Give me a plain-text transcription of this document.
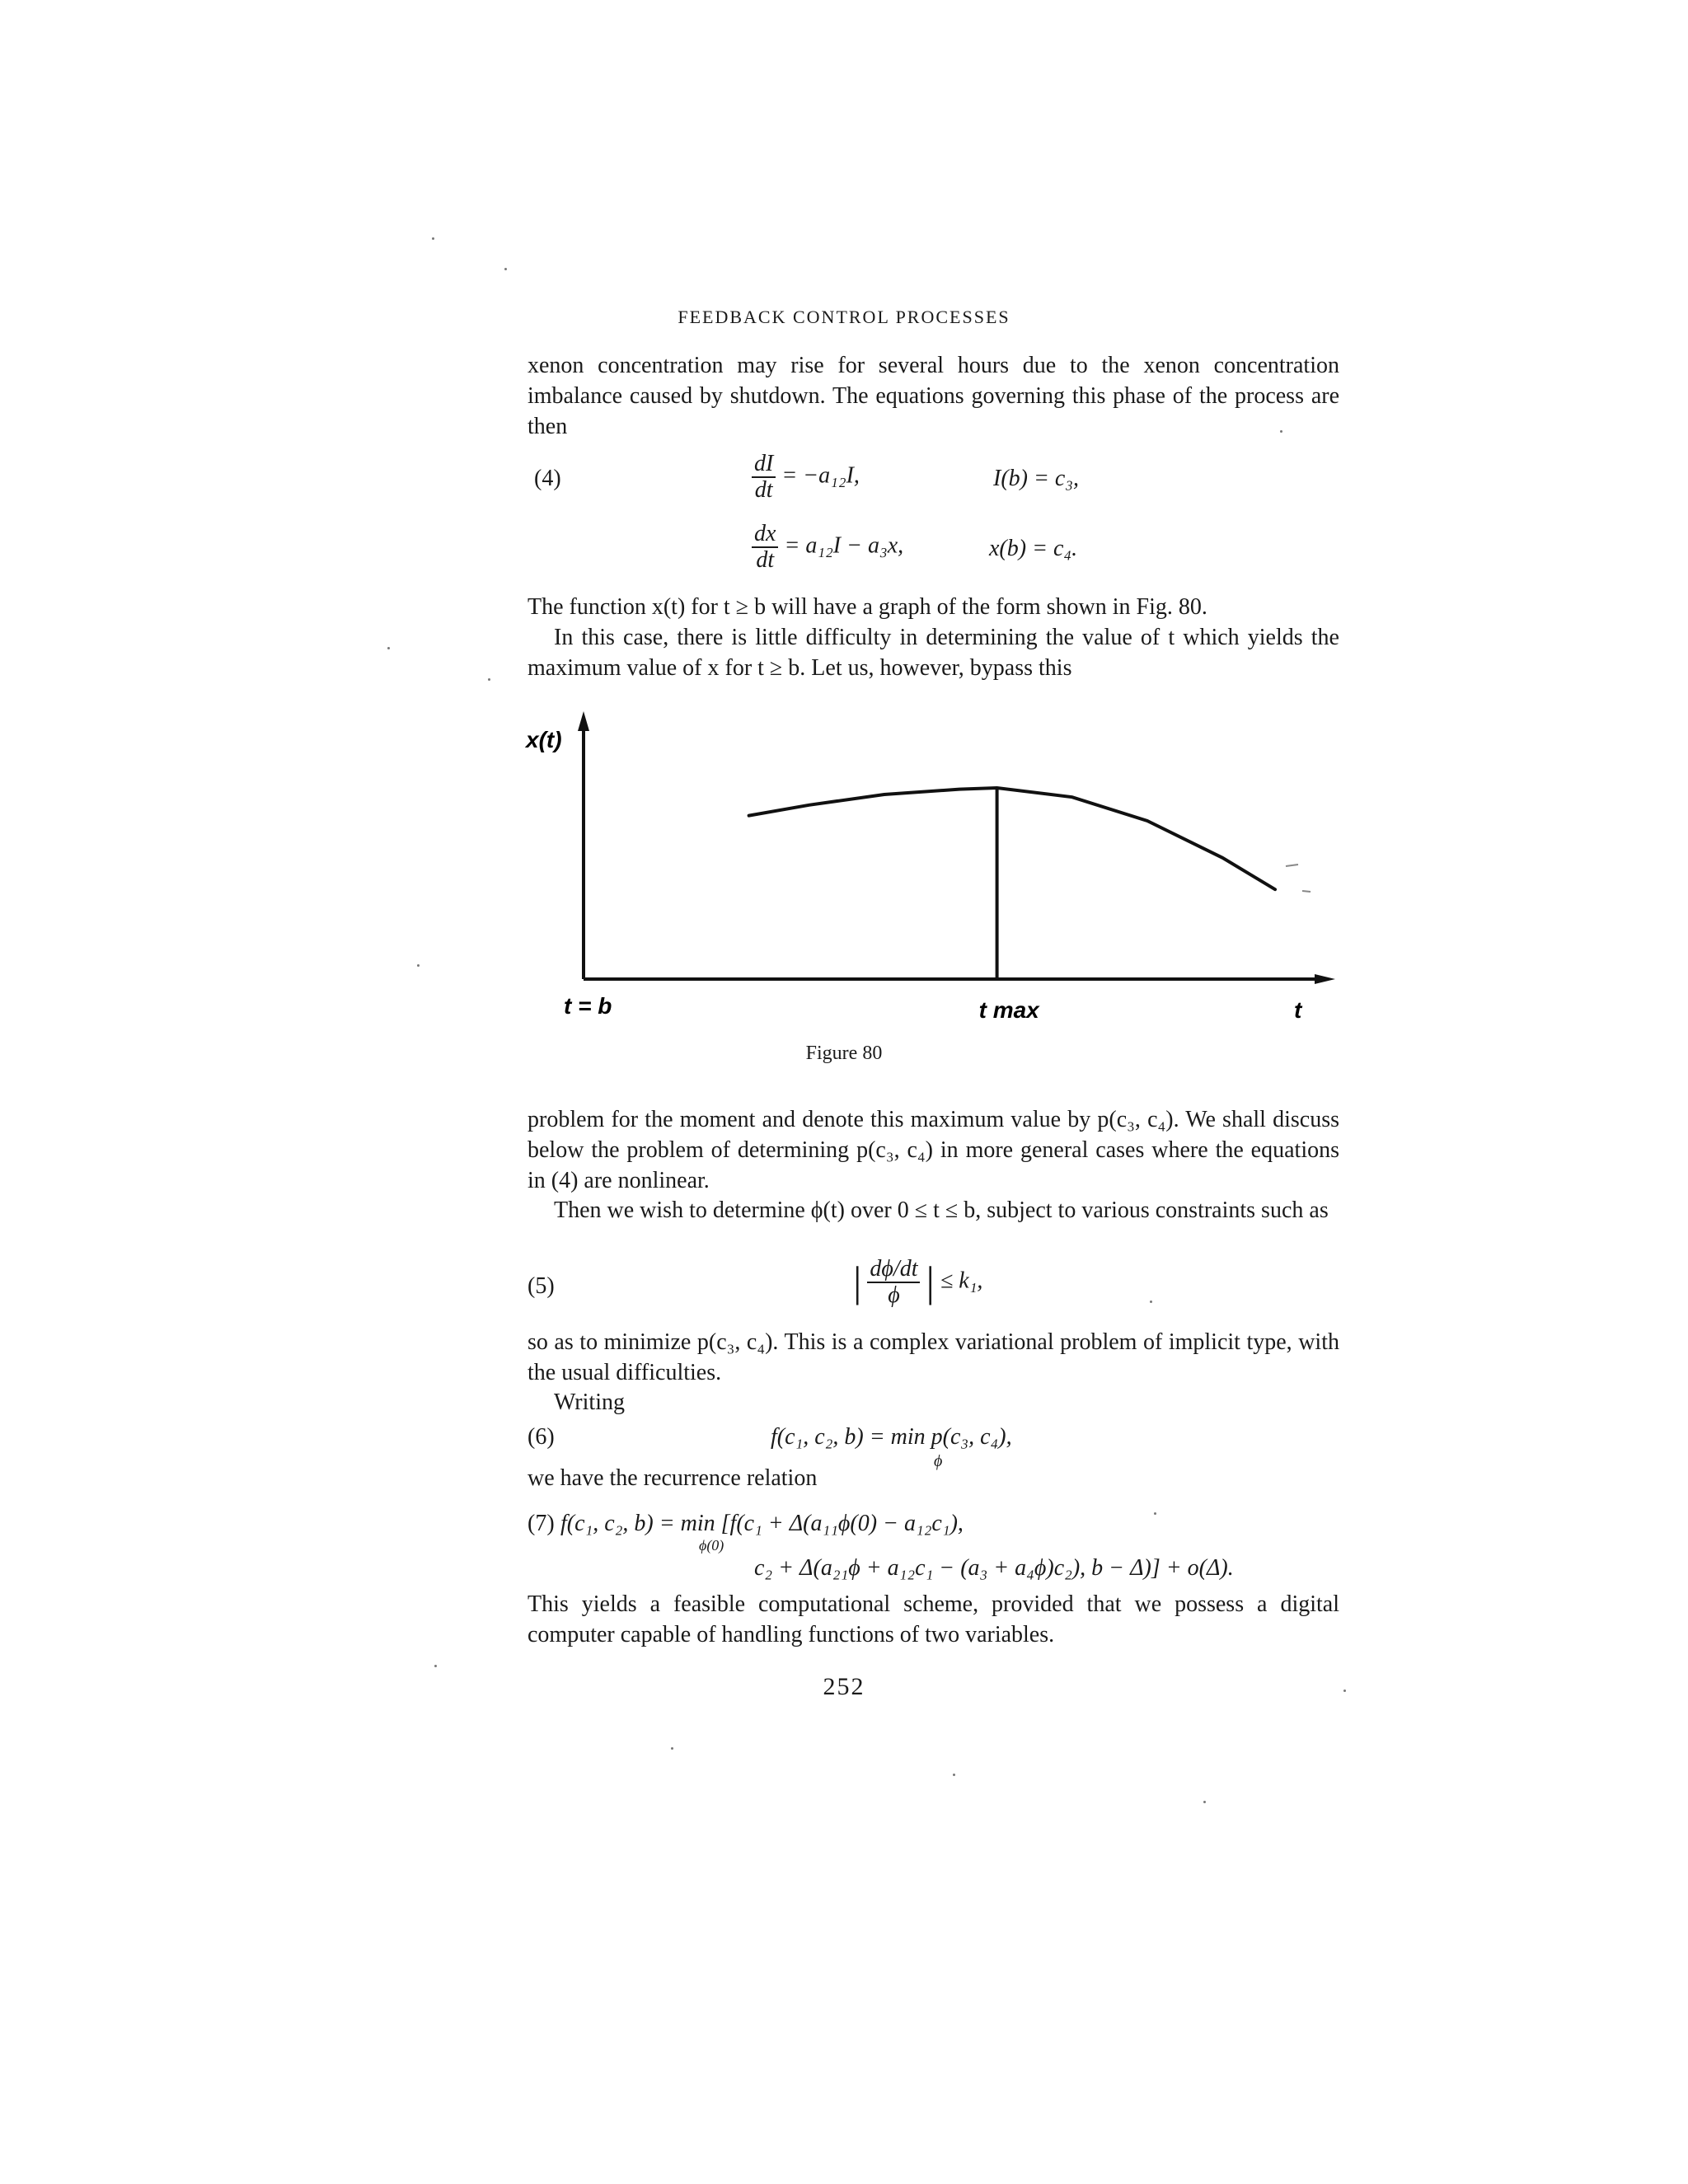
FEEDBACK CONTROL PROCESSES
xenon concentration may rise for several hours due to the xenon concentration imbalance caused by shutdown. The equations governing this phase of the process are then
(4)	$\frac{dI}{dt} = -a_{12}I$,	I(b) = c₃,
$\frac{dx}{dt} = a_{12}I - a_3x$,	x(b) = c₄.
The function x(t) for t ≥ b will have a graph of the form shown in Fig. 80.
In this case, there is little difficulty in determining the value of t which yields the maximum value of x for t ≥ b. Let us, however, bypass this
x(t)
t = b	t max	t
Figure 80
problem for the moment and denote this maximum value by p(c₃, c₄). We shall discuss below the problem of determining p(c₃, c₄) in more general cases where the equations in (4) are nonlinear.
Then we wish to determine ϕ(t) over 0 ≤ t ≤ b, subject to various constraints such as
(5)	| $\frac{d\phi/dt}{\phi}$ | ≤ k₁,
so as to minimize p(c₃, c₄). This is a complex variational problem of implicit type, with the usual difficulties.
Writing
(6)	f(c₁, c₂, b) = min p(c₃, c₄),
ϕ
we have the recurrence relation
(7) f(c₁, c₂, b) = min [f(c₁ + Δ(a₁₁ϕ(0) − a₁₂c₁),
ϕ(0)
c₂ + Δ(a₂₁ϕ + a₁₂c₁ − (a₃ + a₄ϕ)c₂), b − Δ)] + o(Δ).
This yields a feasible computational scheme, provided that we possess a digital computer capable of handling functions of two variables.
252
